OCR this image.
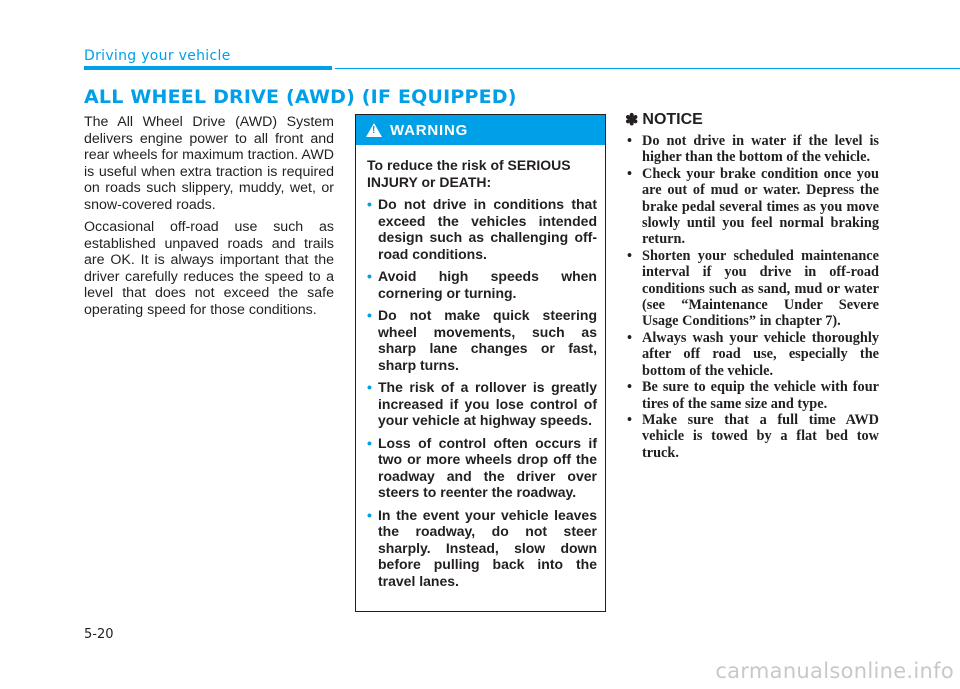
Driving your vehicle
ALL WHEEL DRIVE (AWD) (IF EQUIPPED)

The All Wheel Drive (AWD) System delivers engine power to all front and rear wheels for maximum traction. AWD is useful when extra traction is required on roads such slippery, muddy, wet, or snow-covered roads.

Occasional off-road use such as established unpaved roads and trails are OK. It is always important that the driver carefully reduces the speed to a level that does not exceed the safe operating speed for those conditions.

! WARNING

To reduce the risk of SERIOUS INJURY or DEATH:

• Do not drive in conditions that exceed the vehicles intended design such as challenging off-road conditions.
• Avoid high speeds when cornering or turning.
• Do not make quick steering wheel movements, such as sharp lane changes or fast, sharp turns.
• The risk of a rollover is greatly increased if you lose control of your vehicle at highway speeds.
• Loss of control often occurs if two or more wheels drop off the roadway and the driver over steers to reenter the roadway.
• In the event your vehicle leaves the roadway, do not steer sharply. Instead, slow down before pulling back into the travel lanes.
✽ NOTICE
• Do not drive in water if the level is higher than the bottom of the vehicle.
• Check your brake condition once you are out of mud or water. Depress the brake pedal several times as you move slowly until you feel normal braking return.
• Shorten your scheduled maintenance interval if you drive in off-road conditions such as sand, mud or water (see “Maintenance Under Severe Usage Conditions” in chapter 7).
• Always wash your vehicle thoroughly after off road use, especially the bottom of the vehicle.
• Be sure to equip the vehicle with four tires of the same size and type.
• Make sure that a full time AWD vehicle is towed by a flat bed tow truck.
5-20
carmanualsonline.info
